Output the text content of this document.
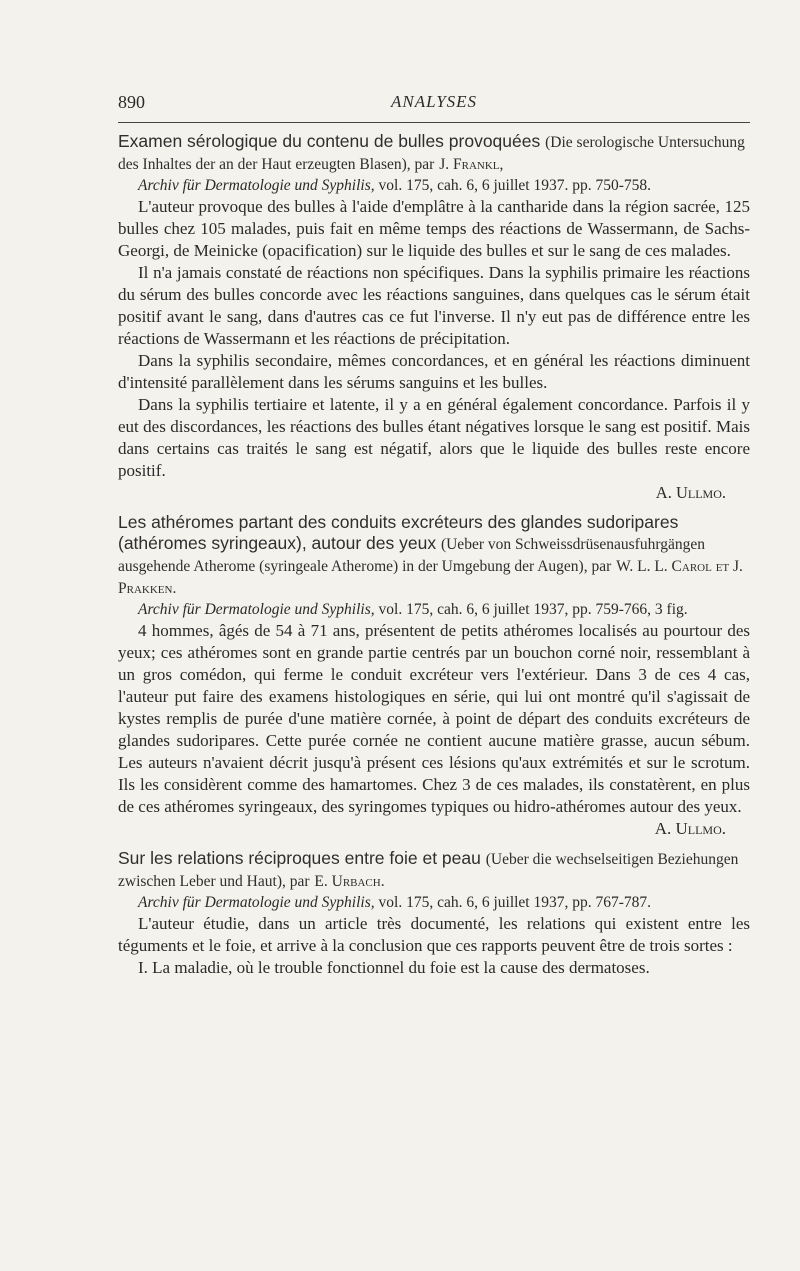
890	ANALYSES
Examen sérologique du contenu de bulles provoquées (Die serologische Untersuchung des Inhaltes der an der Haut erzeugten Blasen), par J. Frankl,
Archiv für Dermatologie und Syphilis, vol. 175, cah. 6, 6 juillet 1937. pp. 750-758.

L'auteur provoque des bulles à l'aide d'emplâtre à la cantharide dans la région sacrée, 125 bulles chez 105 malades, puis fait en même temps des réactions de Wassermann, de Sachs-Georgi, de Meinicke (opacification) sur le liquide des bulles et sur le sang de ces malades.

Il n'a jamais constaté de réactions non spécifiques. Dans la syphilis primaire les réactions du sérum des bulles concorde avec les réactions sanguines, dans quelques cas le sérum était positif avant le sang, dans d'autres cas ce fut l'inverse. Il n'y eut pas de différence entre les réactions de Wassermann et les réactions de précipitation.

Dans la syphilis secondaire, mêmes concordances, et en général les réactions diminuent d'intensité parallèlement dans les sérums sanguins et les bulles.

Dans la syphilis tertiaire et latente, il y a en général également concordance. Parfois il y eut des discordances, les réactions des bulles étant négatives lorsque le sang est positif. Mais dans certains cas traités le sang est négatif, alors que le liquide des bulles reste encore positif.

A. Ullmo.
Les athéromes partant des conduits excréteurs des glandes sudoripares (athéromes syringeaux), autour des yeux (Ueber von Schweissdrüsenausfuhrgängen ausgehende Atherome (syringeale Atherome) in der Umgebung der Augen), par W. L. L. Carol et J. Prakken.
Archiv für Dermatologie und Syphilis, vol. 175, cah. 6, 6 juillet 1937, pp. 759-766, 3 fig.

4 hommes, âgés de 54 à 71 ans, présentent de petits athéromes localisés au pourtour des yeux; ces athéromes sont en grande partie centrés par un bouchon corné noir, ressemblant à un gros comédon, qui ferme le conduit excréteur vers l'extérieur. Dans 3 de ces 4 cas, l'auteur put faire des examens histologiques en série, qui lui ont montré qu'il s'agissait de kystes remplis de purée d'une matière cornée, à point de départ des conduits excréteurs de glandes sudoripares. Cette purée cornée ne contient aucune matière grasse, aucun sébum. Les auteurs n'avaient décrit jusqu'à présent ces lésions qu'aux extrémités et sur le scrotum. Ils les considèrent comme des hamartomes. Chez 3 de ces malades, ils constatèrent, en plus de ces athéromes syringeaux, des syringomes typiques ou hidro-athéromes autour des yeux.
A. Ullmo.

Sur les relations réciproques entre foie et peau (Ueber die wechselseitigen Beziehungen zwischen Leber und Haut), par E. Urbach.
Archiv für Dermatologie und Syphilis, vol. 175, cah. 6, 6 juillet 1937, pp. 767-787.

L'auteur étudie, dans un article très documenté, les relations qui existent entre les téguments et le foie, et arrive à la conclusion que ces rapports peuvent être de trois sortes :

I. La maladie, où le trouble fonctionnel du foie est la cause des dermatoses.
